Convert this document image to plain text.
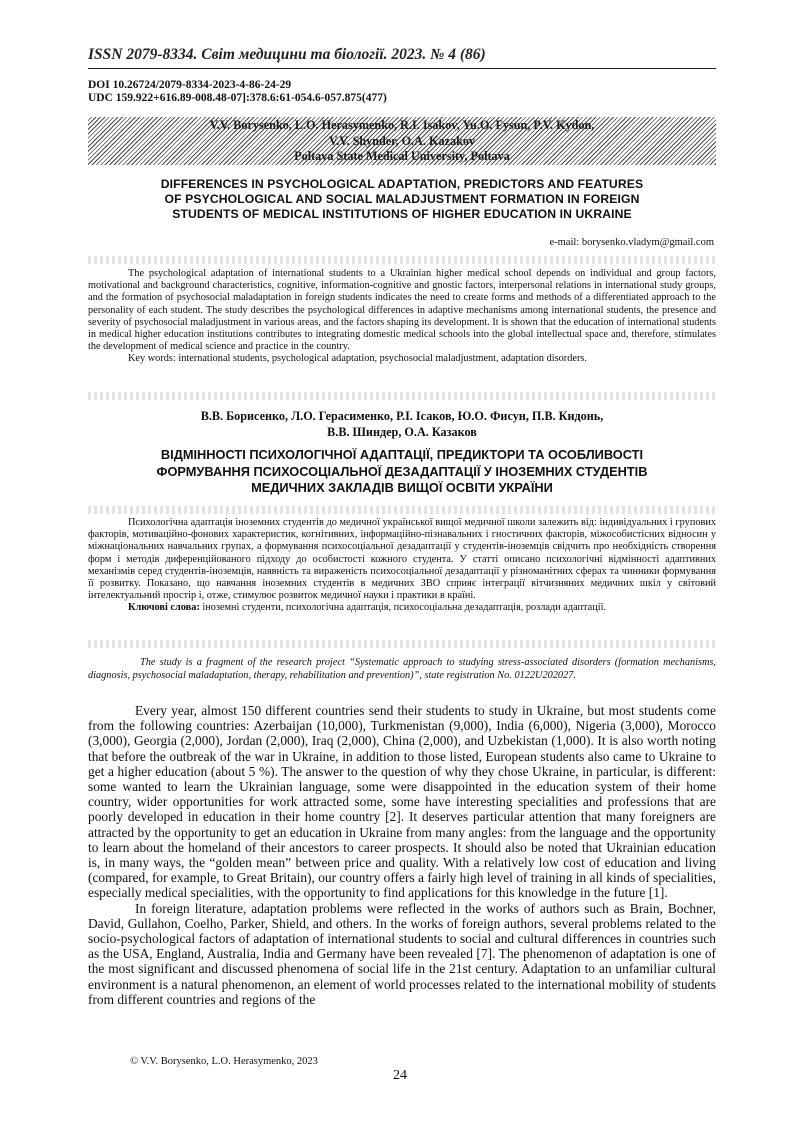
ISSN 2079-8334. Світ медицини та біології. 2023. № 4 (86)
DOI 10.26724/2079-8334-2023-4-86-24-29
UDC 159.922+616.89-008.48-07]:378.6:61-054.6-057.875(477)
V.V. Borysenko, L.O. Herasymenko, R.I. Isakov, Yu.O. Fysun, P.V. Kydon,
V.V. Shynder, O.A. Kazakov
Poltava State Medical University, Poltava
DIFFERENCES IN PSYCHOLOGICAL ADAPTATION, PREDICTORS AND FEATURES
OF PSYCHOLOGICAL AND SOCIAL MALADJUSTMENT FORMATION IN FOREIGN
STUDENTS OF MEDICAL INSTITUTIONS OF HIGHER EDUCATION IN UKRAINE
e-mail: borysenko.vladym@gmail.com

The psychological adaptation of international students to a Ukrainian higher medical school depends on individual and group factors, motivational and background characteristics, cognitive, information-cognitive and gnostic factors, interpersonal relations in international study groups, and the formation of psychosocial maladaptation in foreign students indicates the need to create forms and methods of a differentiated approach to the personality of each student. The study describes the psychological differences in adaptive mechanisms among international students, the presence and severity of psychosocial maladjustment in various areas, and the factors shaping its development. It is shown that the education of international students in medical higher education institutions contributes to integrating domestic medical schools into the global intellectual space and, therefore, stimulates the development of medical science and practice in the country.

Key words: international students, psychological adaptation, psychosocial maladjustment, adaptation disorders.

В.В. Борисенко, Л.О. Герасименко, Р.І. Ісаков, Ю.О. Фисун, П.В. Кидонь,
В.В. Шиндер, О.А. Казаков
ВІДМІННОСТІ ПСИХОЛОГІЧНОЇ АДАПТАЦІЇ, ПРЕДИКТОРИ ТА ОСОБЛИВОСТІ
ФОРМУВАННЯ ПСИХОСОЦІАЛЬНОЇ ДЕЗАДАПТАЦІЇ У ІНОЗЕМНИХ СТУДЕНТІВ
МЕДИЧНИХ ЗАКЛАДІВ ВИЩОЇ ОСВІТИ УКРАЇНИ

Психологічна адаптація іноземних студентів до медичної української вищої медичної школи залежить від: індивідуальних і групових факторів, мотиваційно-фонових характеристик, когнітивних, інформаційно-пізнавальних і гностичних факторів, міжособистісних відносин у міжнаціональних навчальних групах, а формування психосоціальної дезадаптації у студентів-іноземців свідчить про необхідність створення форм і методів диференційованого підходу до особистості кожного студента. У статті описано психологічні відмінності адаптивних механізмів серед студентів-іноземців, наявність та вираженість психосоціальної дезадаптації у різноманітних сферах та чинники формування її розвитку. Показано, що навчання іноземних студентів в медичних ЗВО сприяє інтеграції вітчизняних медичних шкіл у світовий інтелектуальний простір і, отже, стимулює розвиток медичної науки і практики в країні.

Ключові слова: іноземні студенти, психологічна адаптація, психосоціальна дезадаптація, розлади адаптації.

The study is a fragment of the research project “Systematic approach to studying stress-associated disorders (formation mechanisms, diagnosis, psychosocial maladaptation, therapy, rehabilitation and prevention)”, state registration No. 0122U202027.

Every year, almost 150 different countries send their students to study in Ukraine, but most students come from the following countries: Azerbaijan (10,000), Turkmenistan (9,000), India (6,000), Nigeria (3,000), Morocco (3,000), Georgia (2,000), Jordan (2,000), Iraq (2,000), China (2,000), and Uzbekistan (1,000). It is also worth noting that before the outbreak of the war in Ukraine, in addition to those listed, European students also came to Ukraine to get a higher education (about 5 %). The answer to the question of why they chose Ukraine, in particular, is different: some wanted to learn the Ukrainian language, some were disappointed in the education system of their home country, wider opportunities for work attracted some, some have interesting specialities and professions that are poorly developed in education in their home country [2]. It deserves particular attention that many foreigners are attracted by the opportunity to get an education in Ukraine from many angles: from the language and the opportunity to learn about the homeland of their ancestors to career prospects. It should also be noted that Ukrainian education is, in many ways, the “golden mean” between price and quality. With a relatively low cost of education and living (compared, for example, to Great Britain), our country offers a fairly high level of training in all kinds of specialities, especially medical specialities, with the opportunity to find applications for this knowledge in the future [1].

In foreign literature, adaptation problems were reflected in the works of authors such as Brain, Bochner, David, Gullahon, Coelho, Parker, Shield, and others. In the works of foreign authors, several problems related to the socio-psychological factors of adaptation of international students to social and cultural differences in countries such as the USA, England, Australia, India and Germany have been revealed [7]. The phenomenon of adaptation is one of the most significant and discussed phenomena of social life in the 21st century. Adaptation to an unfamiliar cultural environment is a natural phenomenon, an element of world processes related to the international mobility of students from different countries and regions of the

© V.V. Borysenko, L.O. Herasymenko, 2023
24
